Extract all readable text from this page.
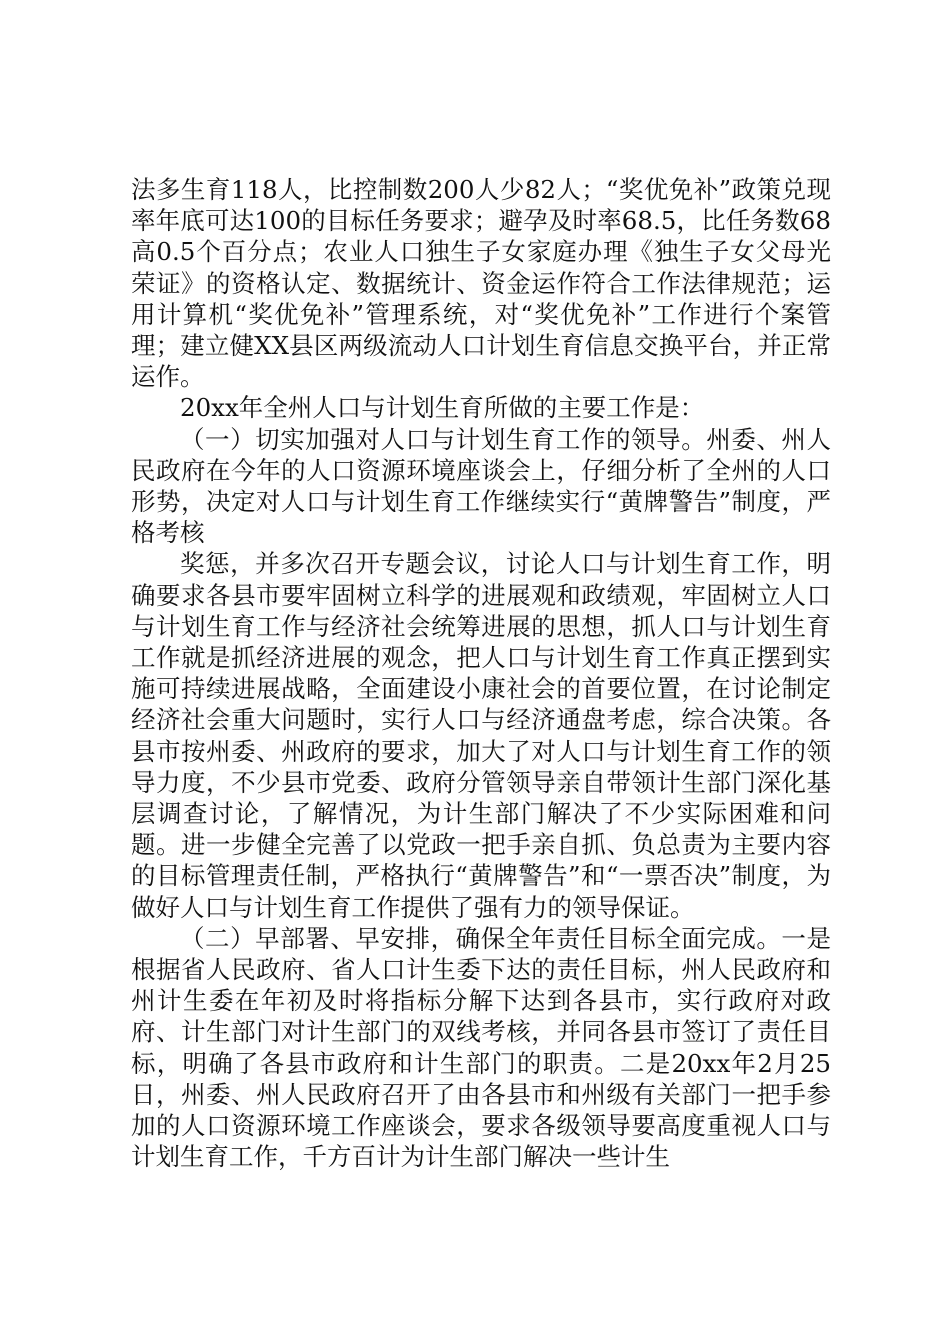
法多生育118人，比控制数200人少82人；“奖优免补”政策兑现率年底可达100的目标任务要求；避孕及时率68.5，比任务数68高0.5个百分点；农业人口独生子女家庭办理《独生子女父母光荣证》的资格认定、数据统计、资金运作符合工作法律规范；运用计算机“奖优免补”管理系统，对“奖优免补”工作进行个案管理；建立健XX县区两级流动人口计划生育信息交换平台，并正常运作。

20xx年全州人口与计划生育所做的主要工作是：

（一）切实加强对人口与计划生育工作的领导。州委、州人民政府在今年的人口资源环境座谈会上，仔细分析了全州的人口形势，决定对人口与计划生育工作继续实行“黄牌警告”制度，严格考核

奖惩，并多次召开专题会议，讨论人口与计划生育工作，明确要求各县市要牢固树立科学的进展观和政绩观，牢固树立人口与计划生育工作与经济社会统筹进展的思想，抓人口与计划生育工作就是抓经济进展的观念，把人口与计划生育工作真正摆到实施可持续进展战略，全面建设小康社会的首要位置，在讨论制定经济社会重大问题时，实行人口与经济通盘考虑，综合决策。各县市按州委、州政府的要求，加大了对人口与计划生育工作的领导力度，不少县市党委、政府分管领导亲自带领计生部门深化基层调查讨论，了解情况，为计生部门解决了不少实际困难和问题。进一步健全完善了以党政一把手亲自抓、负总责为主要内容的目标管理责任制，严格执行“黄牌警告”和“一票否决”制度，为做好人口与计划生育工作提供了强有力的领导保证。

（二）早部署、早安排，确保全年责任目标全面完成。一是根据省人民政府、省人口计生委下达的责任目标，州人民政府和州计生委在年初及时将指标分解下达到各县市，实行政府对政府、计生部门对计生部门的双线考核，并同各县市签订了责任目标，明确了各县市政府和计生部门的职责。二是20xx年2月25日，州委、州人民政府召开了由各县市和州级有关部门一把手参加的人口资源环境工作座谈会，要求各级领导要高度重视人口与计划生育工作，千方百计为计生部门解决一些计生
